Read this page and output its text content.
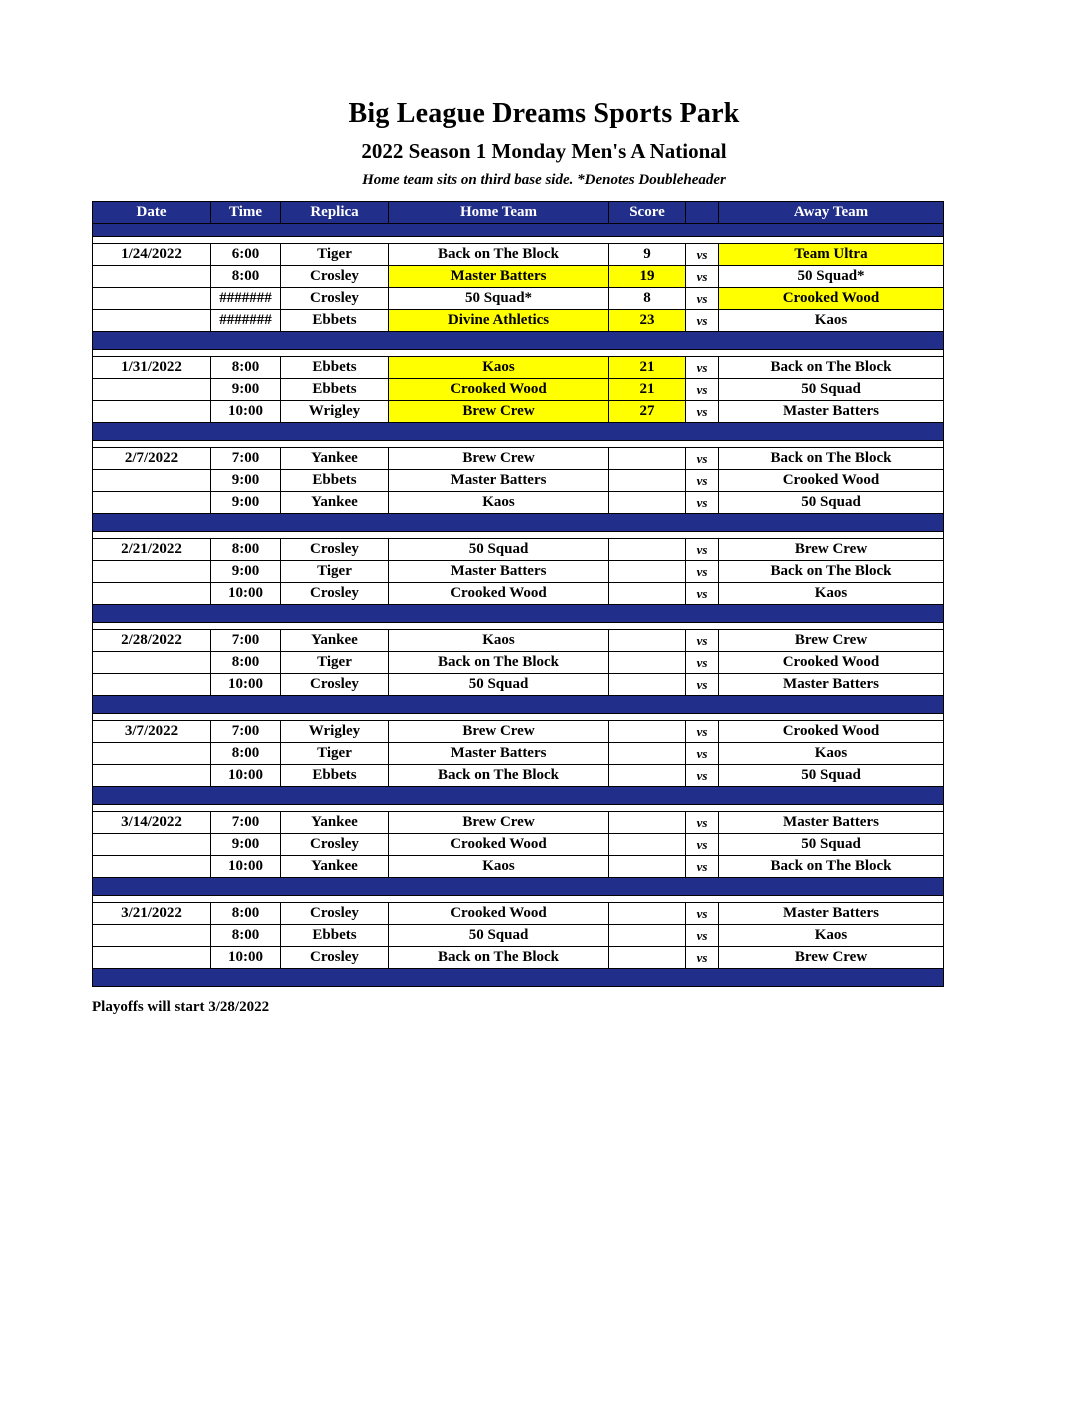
Big League Dreams Sports Park
2022 Season 1 Monday Men's A National
Home team sits on third base side. *Denotes Doubleheader
Date	Time	Replica	Home Team	Score		Away Team

1/24/2022	6:00	Tiger	Back on The Block	9	vs	Team Ultra
	8:00	Crosley	Master Batters	19	vs	50 Squad*
	#######	Crosley	50 Squad*	8	vs	Crooked Wood
	#######	Ebbets	Divine Athletics	23	vs	Kaos

1/31/2022	8:00	Ebbets	Kaos	21	vs	Back on The Block
	9:00	Ebbets	Crooked Wood	21	vs	50 Squad
	10:00	Wrigley	Brew Crew	27	vs	Master Batters

2/7/2022	7:00	Yankee	Brew Crew		vs	Back on The Block
	9:00	Ebbets	Master Batters		vs	Crooked Wood
	9:00	Yankee	Kaos		vs	50 Squad

2/21/2022	8:00	Crosley	50 Squad		vs	Brew Crew
	9:00	Tiger	Master Batters		vs	Back on The Block
	10:00	Crosley	Crooked Wood		vs	Kaos

2/28/2022	7:00	Yankee	Kaos		vs	Brew Crew
	8:00	Tiger	Back on The Block		vs	Crooked Wood
	10:00	Crosley	50 Squad		vs	Master Batters

3/7/2022	7:00	Wrigley	Brew Crew		vs	Crooked Wood
	8:00	Tiger	Master Batters		vs	Kaos
	10:00	Ebbets	Back on The Block		vs	50 Squad

3/14/2022	7:00	Yankee	Brew Crew		vs	Master Batters
	9:00	Crosley	Crooked Wood		vs	50 Squad
	10:00	Yankee	Kaos		vs	Back on The Block

3/21/2022	8:00	Crosley	Crooked Wood		vs	Master Batters
	8:00	Ebbets	50 Squad		vs	Kaos
	10:00	Crosley	Back on The Block		vs	Brew Crew

Playoffs will start 3/28/2022
